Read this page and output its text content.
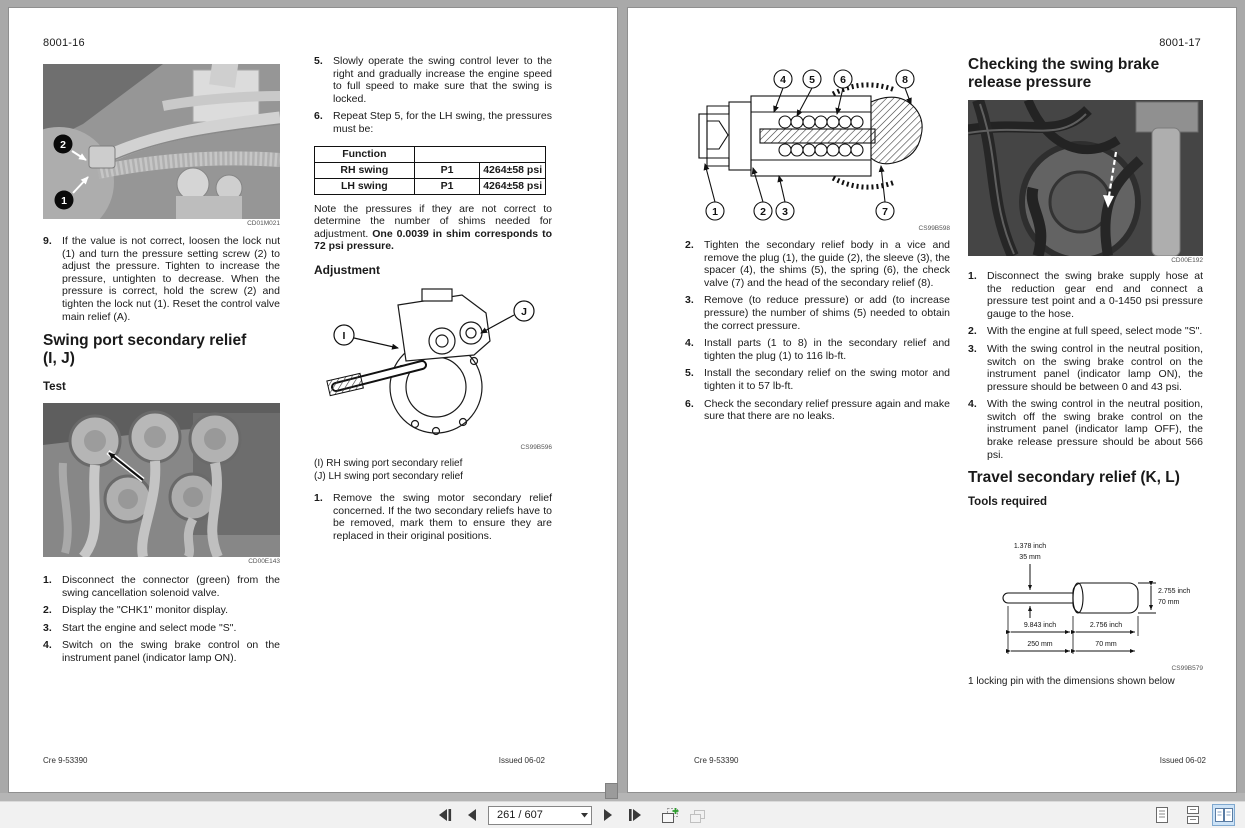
8001-16
2
1
CD01M021
9. If the value is not correct, loosen the lock nut (1) and turn the pressure setting screw (2) to adjust the pressure. Tighten to increase the pressure, untighten to decrease. When the pressure is correct, hold the screw (2) and tighten the lock nut (1). Reset the control valve main relief (A).
Swing port secondary relief
(I, J)
Test
CD00E143
1. Disconnect the connector (green) from the swing cancellation solenoid valve.
2. Display the "CHK1" monitor display.
3. Start the engine and select mode "S".
4. Switch on the swing brake control on the instrument panel (indicator lamp ON).
5. Slowly operate the swing control lever to the right and gradually increase the engine speed to full speed to make sure that the swing is locked.
6. Repeat Step 5, for the LH swing, the pressures must be:
Function		
RH swing	P1	4264±58 psi
LH swing	P1	4264±58 psi
Note the pressures if they are not correct to determine the number of shims needed for adjustment. One 0.0039 in shim corresponds to 72 psi pressure.
Adjustment
I
J
CS99B596
(I) RH swing port secondary relief
(J) LH swing port secondary relief
1. Remove the swing motor secondary relief concerned. If the two secondary reliefs have to be removed, mark them to ensure they are replaced in their original positions.
Cre 9-53390	Issued 06-02
8001-17
4 5 6	8
1	2 3	7
CS99B598
2. Tighten the secondary relief body in a vice and remove the plug (1), the guide (2), the sleeve (3), the spacer (4), the shims (5), the spring (6), the check valve (7) and the head of the secondary relief (8).
3. Remove (to reduce pressure) or add (to increase pressure) the number of shims (5) needed to obtain the correct pressure.
4. Install parts (1 to 8) in the secondary relief and tighten the plug (1) to 116 lb-ft.
5. Install the secondary relief on the swing motor and tighten it to 57 lb-ft.
6. Check the secondary relief pressure again and make sure that there are no leaks.
Checking the swing brake release pressure
CD00E192
1. Disconnect the swing brake supply hose at the reduction gear end and connect a pressure test point and a 0-1450 psi pressure gauge to the hose.
2. With the engine at full speed, select mode "S".
3. With the swing control in the neutral position, switch on the swing brake control on the instrument panel (indicator lamp ON), the pressure should be between 0 and 43 psi.
4. With the swing control in the neutral position, switch off the swing brake control on the instrument panel (indicator lamp OFF), the brake release pressure should be about 566 psi.
Travel secondary relief (K, L)
Tools required
1.378 inch
35 mm
2.755 inch
70 mm
9.843 inch	2.756 inch
250 mm	70 mm
CS99B579
1 locking pin with the dimensions shown below
Cre 9-53390	Issued 06-02
261 / 607
